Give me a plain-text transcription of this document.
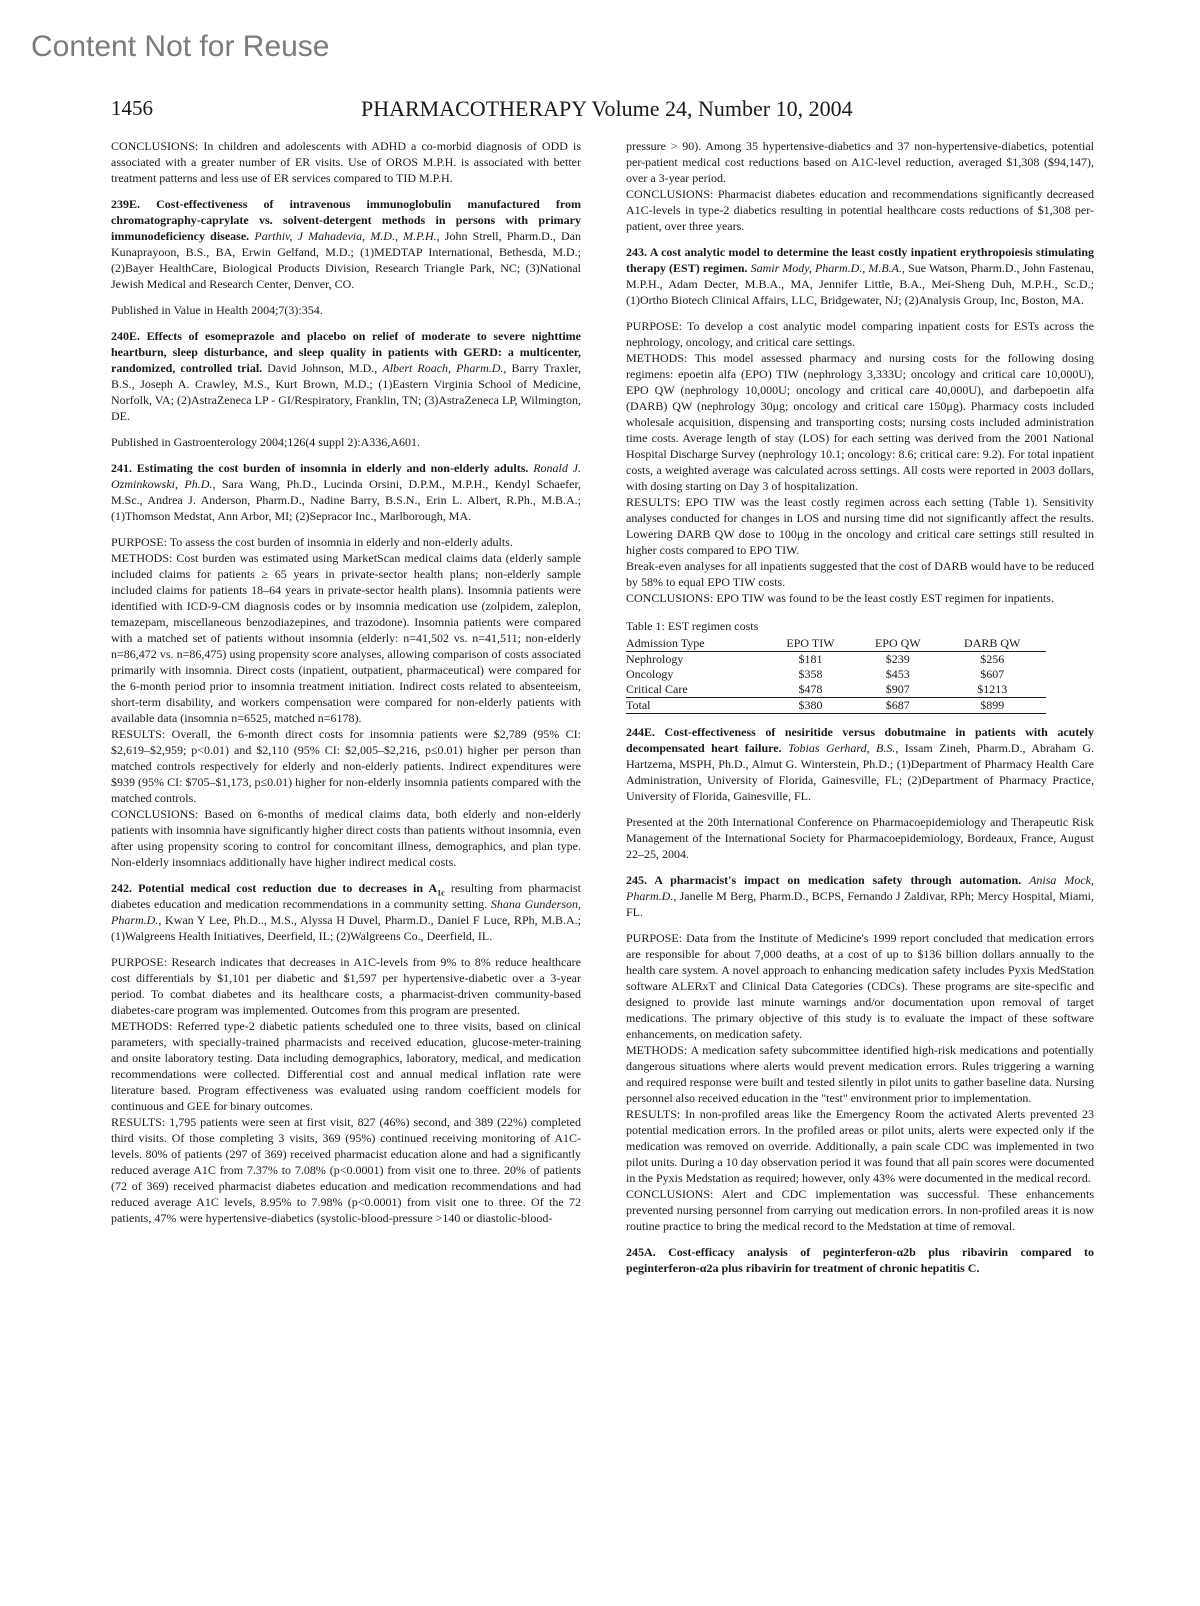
Content Not for Reuse
1456	PHARMACOTHERAPY Volume 24, Number 10, 2004

CONCLUSIONS: In children and adolescents with ADHD a co-morbid diagnosis of ODD is associated with a greater number of ER visits. Use of OROS M.P.H. is associated with better treatment patterns and less use of ER services compared to TID M.P.H.

239E. Cost-effectiveness of intravenous immunoglobulin manufactured from chromatography-caprylate vs. solvent-detergent methods in persons with primary immunodeficiency disease. Parthiv, J Mahadevia, M.D., M.P.H., John Strell, Pharm.D., Dan Kunaprayoon, B.S., BA, Erwin Gelfand, M.D.; (1)MEDTAP International, Bethesda, M.D.; (2)Bayer HealthCare, Biological Products Division, Research Triangle Park, NC; (3)National Jewish Medical and Research Center, Denver, CO.

Published in Value in Health 2004;7(3):354.

240E. Effects of esomeprazole and placebo on relief of moderate to severe nighttime heartburn, sleep disturbance, and sleep quality in patients with GERD: a multicenter, randomized, controlled trial. David Johnson, M.D., Albert Roach, Pharm.D., Barry Traxler, B.S., Joseph A. Crawley, M.S., Kurt Brown, M.D.; (1)Eastern Virginia School of Medicine, Norfolk, VA; (2)AstraZeneca LP - GI/Respiratory, Franklin, TN; (3)AstraZeneca LP, Wilmington, DE.

Published in Gastroenterology 2004;126(4 suppl 2):A336,A601.

241. Estimating the cost burden of insomnia in elderly and non-elderly adults. Ronald J. Ozminkowski, Ph.D., Sara Wang, Ph.D., Lucinda Orsini, D.P.M., M.P.H., Kendyl Schaefer, M.Sc., Andrea J. Anderson, Pharm.D., Nadine Barry, B.S.N., Erin L. Albert, R.Ph., M.B.A.; (1)Thomson Medstat, Ann Arbor, MI; (2)Sepracor Inc., Marlborough, MA.

PURPOSE: To assess the cost burden of insomnia in elderly and non-elderly adults.

METHODS: Cost burden was estimated using MarketScan medical claims data (elderly sample included claims for patients ≥ 65 years in private-sector health plans; non-elderly sample included claims for patients 18–64 years in private-sector health plans). Insomnia patients were identified with ICD-9-CM diagnosis codes or by insomnia medication use (zolpidem, zaleplon, temazepam, miscellaneous benzodiazepines, and trazodone). Insomnia patients were compared with a matched set of patients without insomnia (elderly: n=41,502 vs. n=41,511; non-elderly n=86,472 vs. n=86,475) using propensity score analyses, allowing comparison of costs associated primarily with insomnia. Direct costs (inpatient, outpatient, pharmaceutical) were compared for the 6-month period prior to insomnia treatment initiation. Indirect costs related to absenteeism, short-term disability, and workers compensation were compared for non-elderly patients with available data (insomnia n=6525, matched n=6178).

RESULTS: Overall, the 6-month direct costs for insomnia patients were $2,789 (95% CI: $2,619–$2,959; p<0.01) and $2,110 (95% CI: $2,005–$2,216, p≤0.01) higher per person than matched controls respectively for elderly and non-elderly patients. Indirect expenditures were $939 (95% CI: $705–$1,173, p≤0.01) higher for non-elderly insomnia patients compared with the matched controls.

CONCLUSIONS: Based on 6-months of medical claims data, both elderly and non-elderly patients with insomnia have significantly higher direct costs than patients without insomnia, even after using propensity scoring to control for concomitant illness, demographics, and plan type. Non-elderly insomniacs additionally have higher indirect medical costs.

242. Potential medical cost reduction due to decreases in $A_{1c}$ resulting from pharmacist diabetes education and medication recommendations in a community setting. Shana Gunderson, Pharm.D., Kwan Y Lee, Ph.D.., M.S., Alyssa H Duvel, Pharm.D., Daniel F Luce, RPh, M.B.A.; (1)Walgreens Health Initiatives, Deerfield, IL; (2)Walgreens Co., Deerfield, IL.

PURPOSE: Research indicates that decreases in A1C-levels from 9% to 8% reduce healthcare cost differentials by $1,101 per diabetic and $1,597 per hypertensive-diabetic over a 3-year period. To combat diabetes and its healthcare costs, a pharmacist-driven community-based diabetes-care program was implemented. Outcomes from this program are presented.

METHODS: Referred type-2 diabetic patients scheduled one to three visits, based on clinical parameters, with specially-trained pharmacists and received education, glucose-meter-training and onsite laboratory testing. Data including demographics, laboratory, medical, and medication recommendations were collected. Differential cost and annual medical inflation rate were literature based. Program effectiveness was evaluated using random coefficient models for continuous and GEE for binary outcomes.

RESULTS: 1,795 patients were seen at first visit, 827 (46%) second, and 389 (22%) completed third visits. Of those completing 3 visits, 369 (95%) continued receiving monitoring of A1C-levels. 80% of patients (297 of 369) received pharmacist education alone and had a significantly reduced average A1C from 7.37% to 7.08% (p<0.0001) from visit one to three. 20% of patients (72 of 369) received pharmacist diabetes education and medication recommendations and had reduced average A1C levels, 8.95% to 7.98% (p<0.0001) from visit one to three. Of the 72 patients, 47% were hypertensive-diabetics (systolic-blood-pressure >140 or diastolic-blood-

pressure > 90). Among 35 hypertensive-diabetics and 37 non-hypertensive-diabetics, potential per-patient medical cost reductions based on A1C-level reduction, averaged $1,308 ($94,147), over a 3-year period.

CONCLUSIONS: Pharmacist diabetes education and recommendations significantly decreased A1C-levels in type-2 diabetics resulting in potential healthcare costs reductions of $1,308 per-patient, over three years.

243. A cost analytic model to determine the least costly inpatient erythropoiesis stimulating therapy (EST) regimen. Samir Mody, Pharm.D., M.B.A., Sue Watson, Pharm.D., John Fastenau, M.P.H., Adam Decter, M.B.A., MA, Jennifer Little, B.A., Mei-Sheng Duh, M.P.H., Sc.D.; (1)Ortho Biotech Clinical Affairs, LLC, Bridgewater, NJ; (2)Analysis Group, Inc, Boston, MA.

PURPOSE: To develop a cost analytic model comparing inpatient costs for ESTs across the nephrology, oncology, and critical care settings.

METHODS: This model assessed pharmacy and nursing costs for the following dosing regimens: epoetin alfa (EPO) TIW (nephrology 3,333U; oncology and critical care 10,000U), EPO QW (nephrology 10,000U; oncology and critical care 40,000U), and darbepoetin alfa (DARB) QW (nephrology 30μg; oncology and critical care 150μg). Pharmacy costs included wholesale acquisition, dispensing and transporting costs; nursing costs included administration time costs. Average length of stay (LOS) for each setting was derived from the 2001 National Hospital Discharge Survey (nephrology 10.1; oncology: 8.6; critical care: 9.2). For total inpatient costs, a weighted average was calculated across settings. All costs were reported in 2003 dollars, with dosing starting on Day 3 of hospitalization.

RESULTS: EPO TIW was the least costly regimen across each setting (Table 1). Sensitivity analyses conducted for changes in LOS and nursing time did not significantly affect the results. Lowering DARB QW dose to 100μg in the oncology and critical care settings still resulted in higher costs compared to EPO TIW.

Break-even analyses for all inpatients suggested that the cost of DARB would have to be reduced by 58% to equal EPO TIW costs.

CONCLUSIONS: EPO TIW was found to be the least costly EST regimen for inpatients.

Table 1: EST regimen costs

Admission Type	EPO TIW	EPO QW	DARB QW
Nephrology	$181	$239	$256
Oncology	$358	$453	$607
Critical Care	$478	$907	$1213
Total	$380	$687	$899

244E. Cost-effectiveness of nesiritide versus dobutmaine in patients with acutely decompensated heart failure. Tobias Gerhard, B.S., Issam Zineh, Pharm.D., Abraham G. Hartzema, MSPH, Ph.D., Almut G. Winterstein, Ph.D.; (1)Department of Pharmacy Health Care Administration, University of Florida, Gainesville, FL; (2)Department of Pharmacy Practice, University of Florida, Gainesville, FL.

Presented at the 20th International Conference on Pharmacoepidemiology and Therapeutic Risk Management of the International Society for Pharmacoepidemiology, Bordeaux, France, August 22–25, 2004.

245. A pharmacist's impact on medication safety through automation. Anisa Mock, Pharm.D., Janelle M Berg, Pharm.D., BCPS, Fernando J Zaldivar, RPh; Mercy Hospital, Miami, FL.

PURPOSE: Data from the Institute of Medicine's 1999 report concluded that medication errors are responsible for about 7,000 deaths, at a cost of up to $136 billion dollars annually to the health care system. A novel approach to enhancing medication safety includes Pyxis MedStation software ALERxT and Clinical Data Categories (CDCs). These programs are site-specific and designed to provide last minute warnings and/or documentation upon removal of target medications. The primary objective of this study is to evaluate the impact of these software enhancements, on medication safety.

METHODS: A medication safety subcommittee identified high-risk medications and potentially dangerous situations where alerts would prevent medication errors. Rules triggering a warning and required response were built and tested silently in pilot units to gather baseline data. Nursing personnel also received education in the "test" environment prior to implementation.

RESULTS: In non-profiled areas like the Emergency Room the activated Alerts prevented 23 potential medication errors. In the profiled areas or pilot units, alerts were expected only if the medication was removed on override. Additionally, a pain scale CDC was implemented in two pilot units. During a 10 day observation period it was found that all pain scores were documented in the Pyxis Medstation as required; however, only 43% were documented in the medical record.

CONCLUSIONS: Alert and CDC implementation was successful. These enhancements prevented nursing personnel from carrying out medication errors. In non-profiled areas it is now routine practice to bring the medical record to the Medstation at time of removal.

245A. Cost-efficacy analysis of peginterferon-α2b plus ribavirin compared to peginterferon-α2a plus ribavirin for treatment of chronic hepatitis C.
